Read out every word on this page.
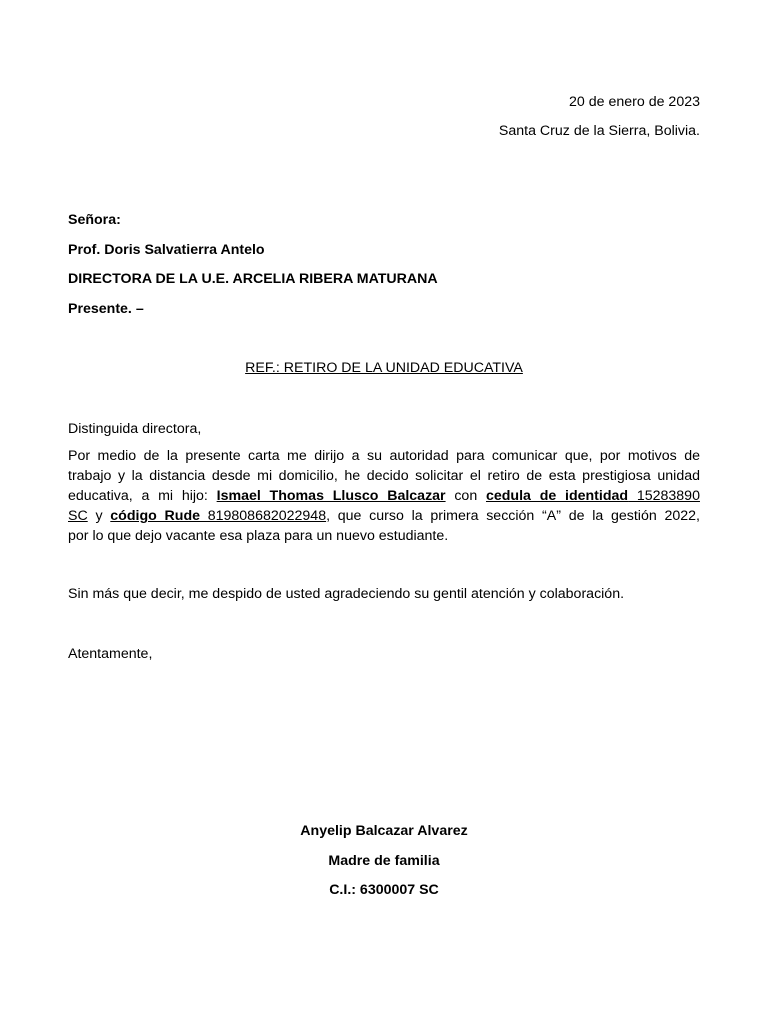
20 de enero de 2023
Santa Cruz de la Sierra, Bolivia.
Señora:
Prof. Doris Salvatierra Antelo
DIRECTORA DE LA U.E. ARCELIA RIBERA MATURANA
Presente. –
REF.: RETIRO DE LA UNIDAD EDUCATIVA
Distinguida directora,
Por medio de la presente carta me dirijo a su autoridad para comunicar que, por motivos de
trabajo y la distancia desde mi domicilio, he decido solicitar el retiro de esta prestigiosa unidad
educativa, a mi hijo: Ismael Thomas Llusco Balcazar con cedula de identidad 15283890
SC y código Rude 819808682022948, que curso la primera sección “A” de la gestión 2022,
por lo que dejo vacante esa plaza para un nuevo estudiante.
Sin más que decir, me despido de usted agradeciendo su gentil atención y colaboración.
Atentamente,
Anyelip Balcazar Alvarez
Madre de familia
C.I.: 6300007 SC
